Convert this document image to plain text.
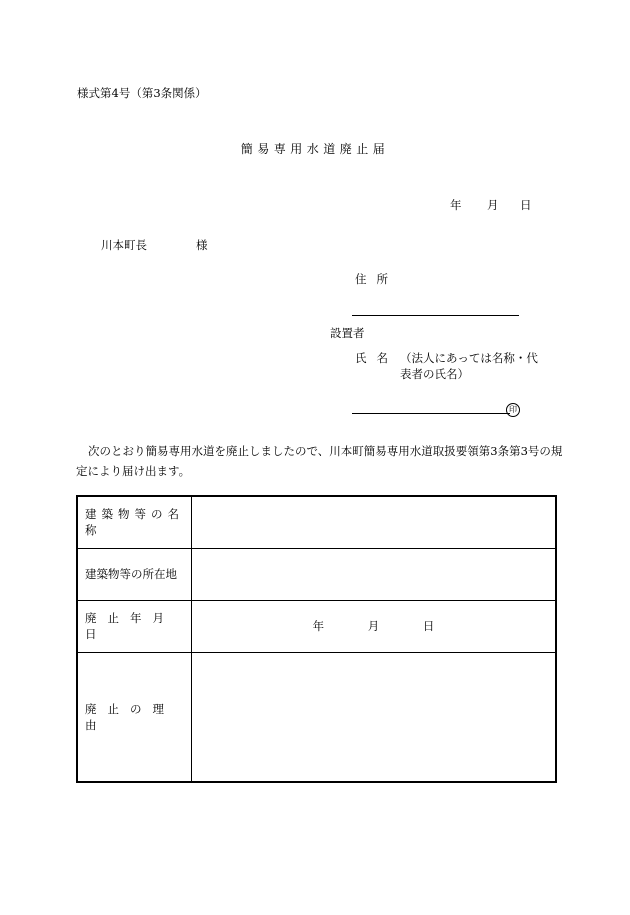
様式第4号（第3条関係）
簡易専用水道廃止届
年 月 日
川本町長	様
住所
設置者
氏名 （法人にあっては名称・代表者の氏名）
印
次のとおり簡易専用水道を廃止しましたので、川本町簡易専用水道取扱要領第3条第3号の規定により届け出ます。
建築物等の名称	
建築物等の所在地	
廃止年月日	年 月 日
廃止の理由	
